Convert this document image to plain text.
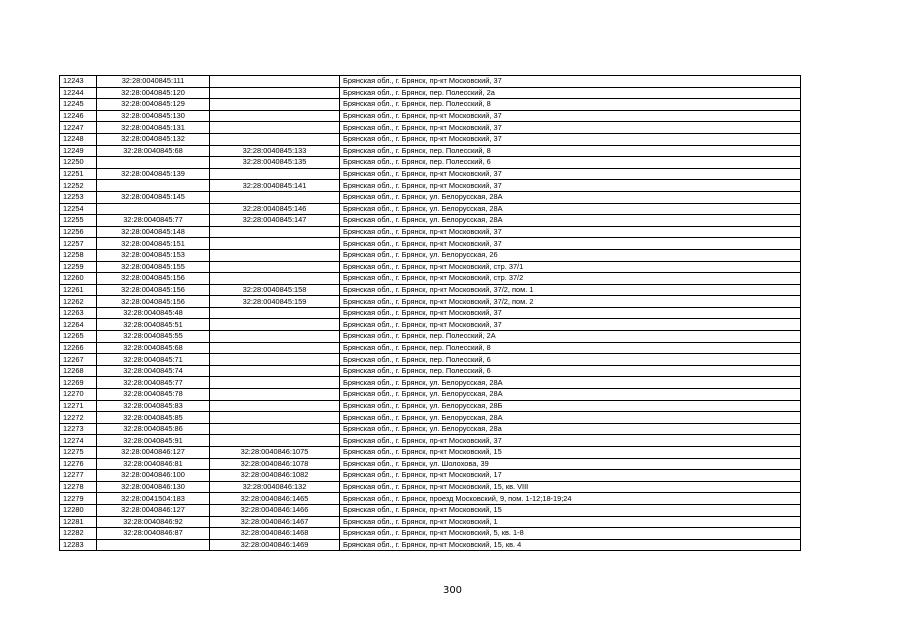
12243	32:28:0040845:111		Брянская обл., г. Брянск, пр-кт Московский, 37
12244	32:28:0040845:120		Брянская обл., г. Брянск, пер. Полесский, 2а
12245	32:28:0040845:129		Брянская обл., г. Брянск, пер. Полесский, 8
12246	32:28:0040845:130		Брянская обл., г. Брянск, пр-кт Московский, 37
12247	32:28:0040845:131		Брянская обл., г. Брянск, пр-кт Московский, 37
12248	32:28:0040845:132		Брянская обл., г. Брянск, пр-кт Московский, 37
12249	32:28:0040845:68	32:28:0040845:133	Брянская обл., г. Брянск, пер. Полесский, 8
12250		32:28:0040845:135	Брянская обл., г. Брянск, пер. Полесский, 6
12251	32:28:0040845:139		Брянская обл., г. Брянск, пр-кт Московский, 37
12252		32:28:0040845:141	Брянская обл., г. Брянск, пр-кт Московский, 37
12253	32:28:0040845:145		Брянская обл., г. Брянск, ул. Белорусская, 28А
12254		32:28:0040845:146	Брянская обл., г. Брянск, ул. Белорусская, 28А
12255	32:28:0040845:77	32:28:0040845:147	Брянская обл., г. Брянск, ул. Белорусская, 28А
12256	32:28:0040845:148		Брянская обл., г. Брянск, пр-кт Московский, 37
12257	32:28:0040845:151		Брянская обл., г. Брянск, пр-кт Московский, 37
12258	32:28:0040845:153		Брянская обл., г. Брянск, ул. Белорусская, 26
12259	32:28:0040845:155		Брянская обл., г. Брянск, пр-кт Московский, стр. 37/1
12260	32:28:0040845:156		Брянская обл., г. Брянск, пр-кт Московский, стр. 37/2
12261	32:28:0040845:156	32:28:0040845:158	Брянская обл., г. Брянск, пр-кт Московский, 37/2, пом. 1
12262	32:28:0040845:156	32:28:0040845:159	Брянская обл., г. Брянск, пр-кт Московский, 37/2, пом. 2
12263	32:28:0040845:48		Брянская обл., г. Брянск, пр-кт Московский, 37
12264	32:28:0040845:51		Брянская обл., г. Брянск, пр-кт Московский, 37
12265	32:28:0040845:55		Брянская обл., г. Брянск, пер. Полесский, 2А
12266	32:28:0040845:68		Брянская обл., г. Брянск, пер. Полесский, 8
12267	32:28:0040845:71		Брянская обл., г. Брянск, пер. Полесский, 6
12268	32:28:0040845:74		Брянская обл., г. Брянск, пер. Полесский, 6
12269	32:28:0040845:77		Брянская обл., г. Брянск, ул. Белорусская, 28А
12270	32:28:0040845:78		Брянская обл., г. Брянск, ул. Белорусская, 28А
12271	32:28:0040845:83		Брянская обл., г. Брянск, ул. Белорусская, 28Б
12272	32:28:0040845:85		Брянская обл., г. Брянск, ул. Белорусская, 28А
12273	32:28:0040845:86		Брянская обл., г. Брянск, ул. Белорусская, 28а
12274	32:28:0040845:91		Брянская обл., г. Брянск, пр-кт Московский, 37
12275	32:28:0040846:127	32:28:0040846:1075	Брянская обл., г. Брянск, пр-кт Московский, 15
12276	32:28:0040846:81	32:28:0040846:1078	Брянская обл., г. Брянск, ул. Шолохова, 39
12277	32:28:0040846:100	32:28:0040846:1082	Брянская обл., г. Брянск, пр-кт Московский, 17
12278	32:28:0040846:130	32:28:0040846:132	Брянская обл., г. Брянск, пр-кт Московский, 15, кв. VIII
12279	32:28:0041504:183	32:28:0040846:1465	Брянская обл., г. Брянск, проезд Московский, 9, пом. 1-12;18-19;24
12280	32:28:0040846:127	32:28:0040846:1466	Брянская обл., г. Брянск, пр-кт Московский, 15
12281	32:28:0040846:92	32:28:0040846:1467	Брянская обл., г. Брянск, пр-кт Московский, 1
12282	32:28:0040846:87	32:28:0040846:1468	Брянская обл., г. Брянск, пр-кт Московский, 5, кв. 1-8
12283		32:28:0040846:1469	Брянская обл., г. Брянск, пр-кт Московский, 15, кв. 4
300
